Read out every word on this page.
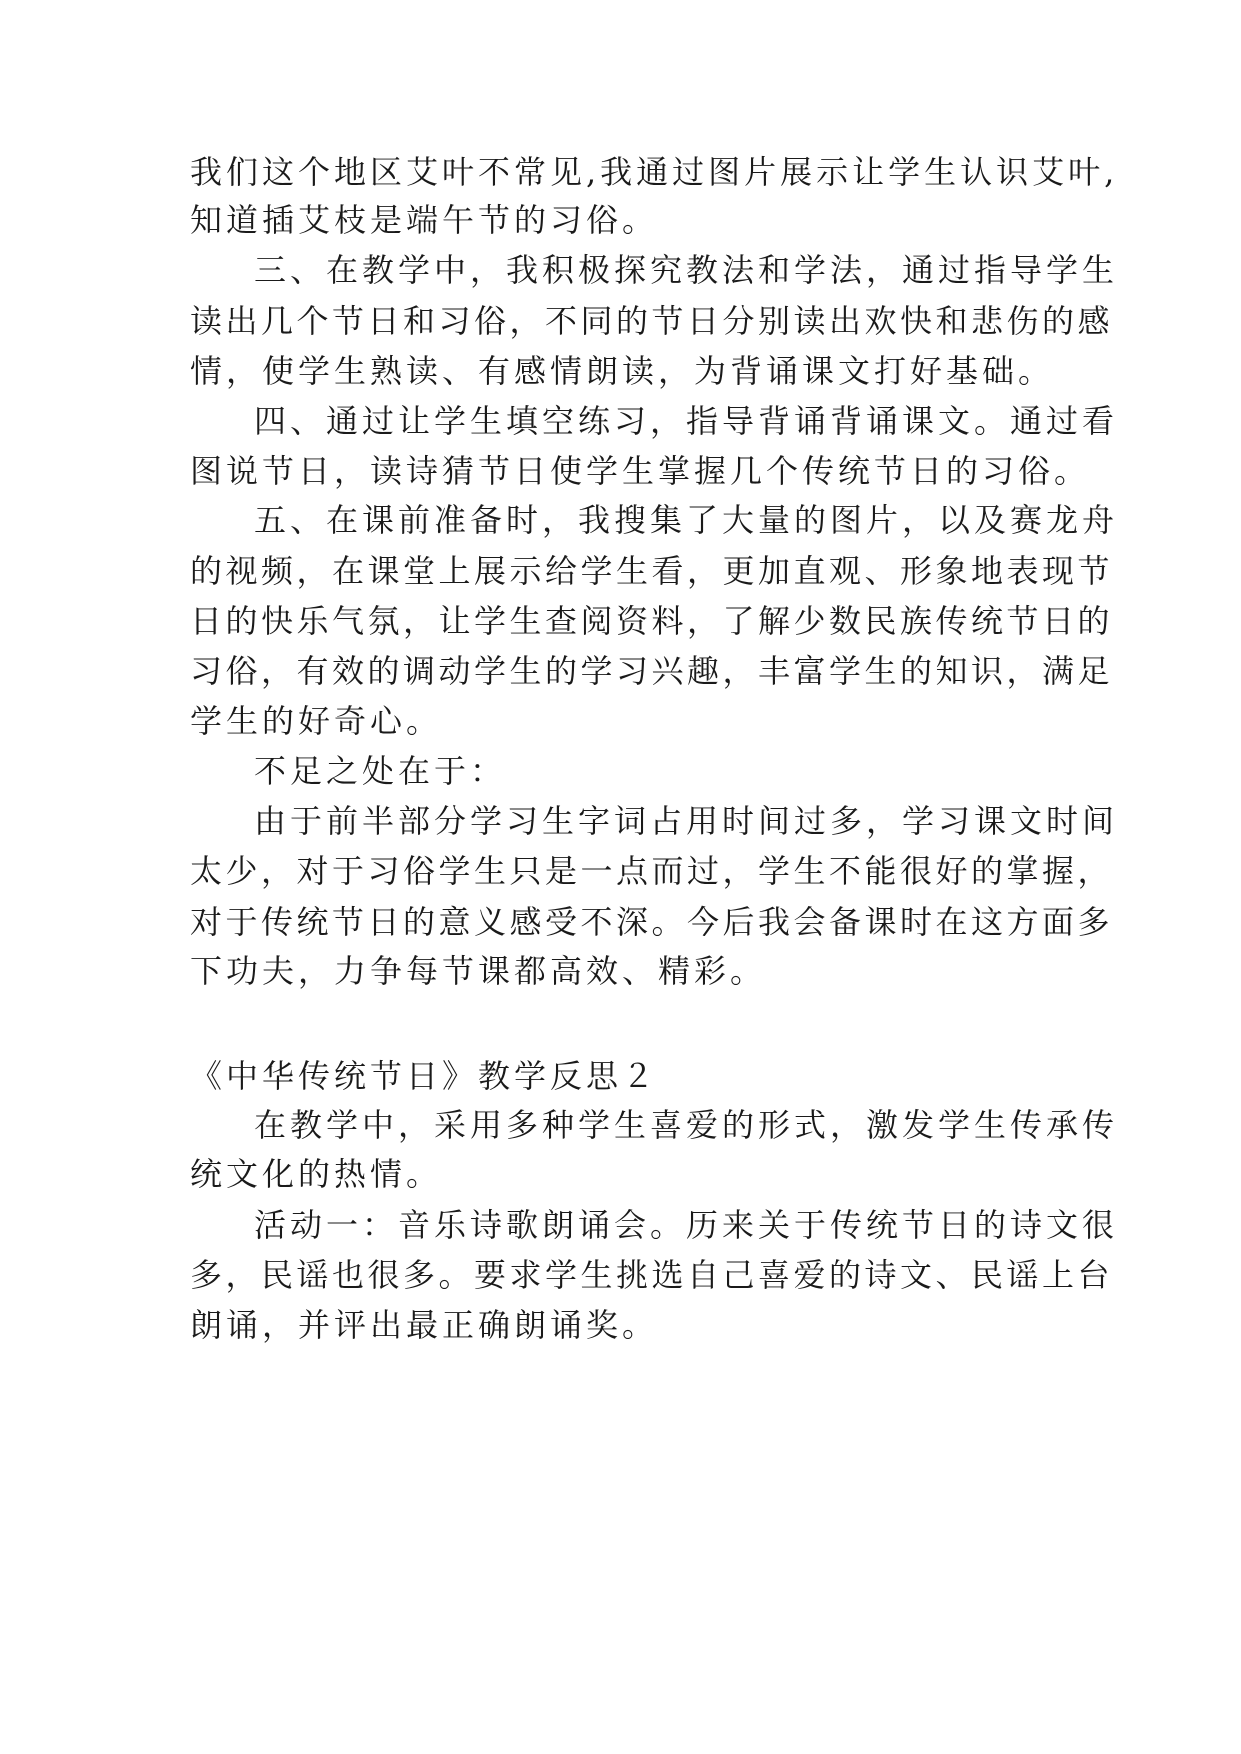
我们这个地区艾叶不常见,我通过图片展示让学生认识艾叶,
知道插艾枝是端午节的习俗。
三、在教学中，我积极探究教法和学法，通过指导学生
读出几个节日和习俗，不同的节日分别读出欢快和悲伤的感
情，使学生熟读、有感情朗读，为背诵课文打好基础。
四、通过让学生填空练习，指导背诵背诵课文。通过看
图说节日，读诗猜节日使学生掌握几个传统节日的习俗。
五、在课前准备时，我搜集了大量的图片，以及赛龙舟
的视频，在课堂上展示给学生看，更加直观、形象地表现节
日的快乐气氛，让学生查阅资料，了解少数民族传统节日的
习俗，有效的调动学生的学习兴趣，丰富学生的知识，满足
学生的好奇心。
不足之处在于：
由于前半部分学习生字词占用时间过多，学习课文时间
太少，对于习俗学生只是一点而过，学生不能很好的掌握，
对于传统节日的意义感受不深。今后我会备课时在这方面多
下功夫，力争每节课都高效、精彩。
《中华传统节日》教学反思２
在教学中，采用多种学生喜爱的形式，激发学生传承传
统文化的热情。
活动一：音乐诗歌朗诵会。历来关于传统节日的诗文很
多，民谣也很多。要求学生挑选自己喜爱的诗文、民谣上台
朗诵，并评出最正确朗诵奖。
